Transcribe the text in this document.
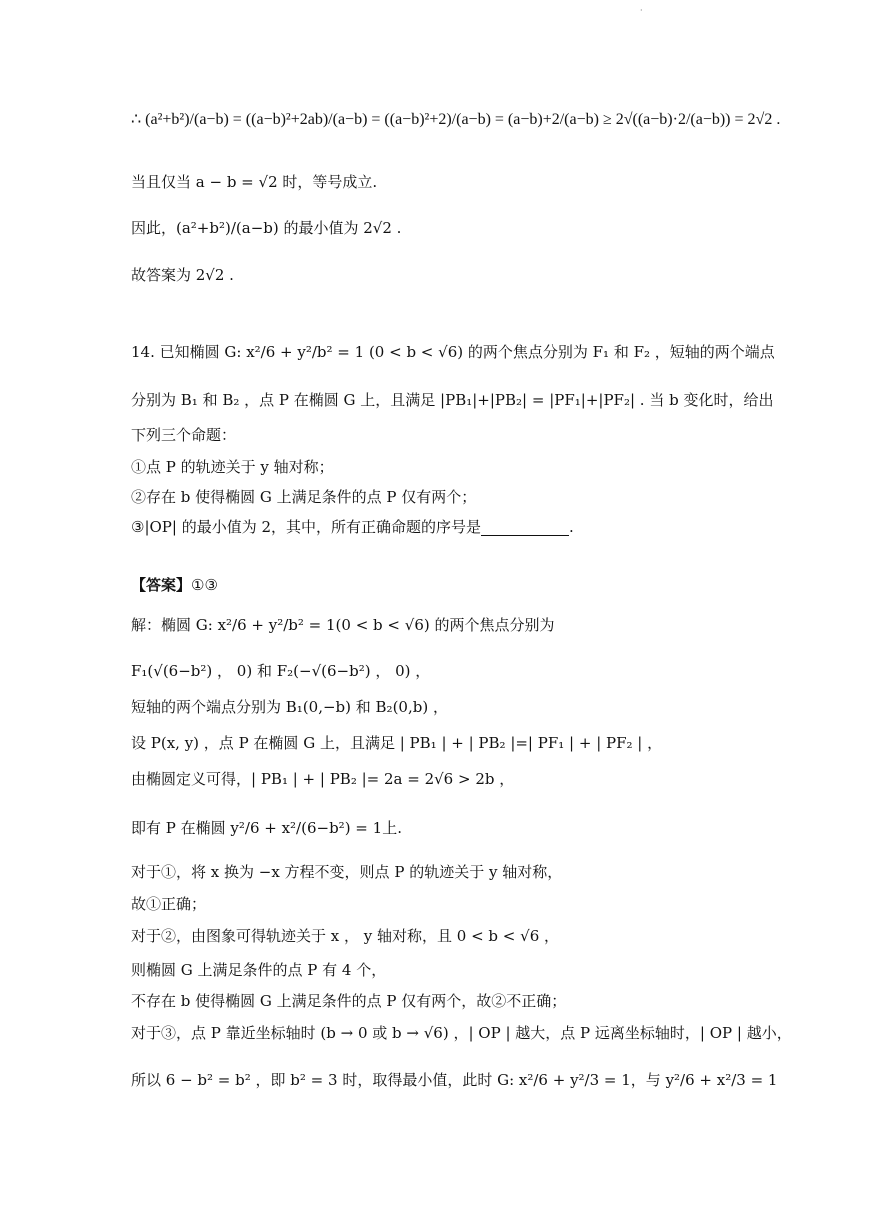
·
∴ (a²+b²)/(a−b) = ((a−b)²+2ab)/(a−b) = ((a−b)²+2)/(a−b) = (a−b)+2/(a−b) ≥ 2√((a−b)·2/(a−b)) = 2√2 .
当且仅当 a − b = √2 时，等号成立.
因此，(a²+b²)/(a−b) 的最小值为 2√2 .
故答案为 2√2 .
14. 已知椭圆 G: x²/6 + y²/b² = 1 (0 < b < √6) 的两个焦点分别为 F₁ 和 F₂ ，短轴的两个端点
分别为 B₁ 和 B₂ ，点 P 在椭圆 G 上，且满足 |PB₁|+|PB₂| = |PF₁|+|PF₂| . 当 b 变化时，给出
下列三个命题：
①点 P 的轨迹关于 y 轴对称；
②存在 b 使得椭圆 G 上满足条件的点 P 仅有两个；
③|OP| 的最小值为 2，其中，所有正确命题的序号是	.
【答案】①③
解：椭圆 G: x²/6 + y²/b² = 1(0 < b < √6) 的两个焦点分别为
F₁(√(6−b²) ， 0) 和 F₂(−√(6−b²) ， 0) ，
短轴的两个端点分别为 B₁(0,−b) 和 B₂(0,b) ，
设 P(x, y) ，点 P 在椭圆 G 上，且满足 | PB₁ | + | PB₂ |=| PF₁ | + | PF₂ | ，
由椭圆定义可得，| PB₁ | + | PB₂ |= 2a = 2√6 > 2b ，
即有 P 在椭圆 y²/6 + x²/(6−b²) = 1上.
对于①，将 x 换为 −x 方程不变，则点 P 的轨迹关于 y 轴对称，
故①正确；
对于②，由图象可得轨迹关于 x ， y 轴对称，且 0 < b < √6 ，
则椭圆 G 上满足条件的点 P 有 4 个，
不存在 b 使得椭圆 G 上满足条件的点 P 仅有两个，故②不正确；
对于③，点 P 靠近坐标轴时 (b → 0 或 b → √6) ，| OP | 越大，点 P 远离坐标轴时，| OP | 越小，
所以 6 − b² = b² ，即 b² = 3 时，取得最小值，此时 G: x²/6 + y²/3 = 1，与 y²/6 + x²/3 = 1
